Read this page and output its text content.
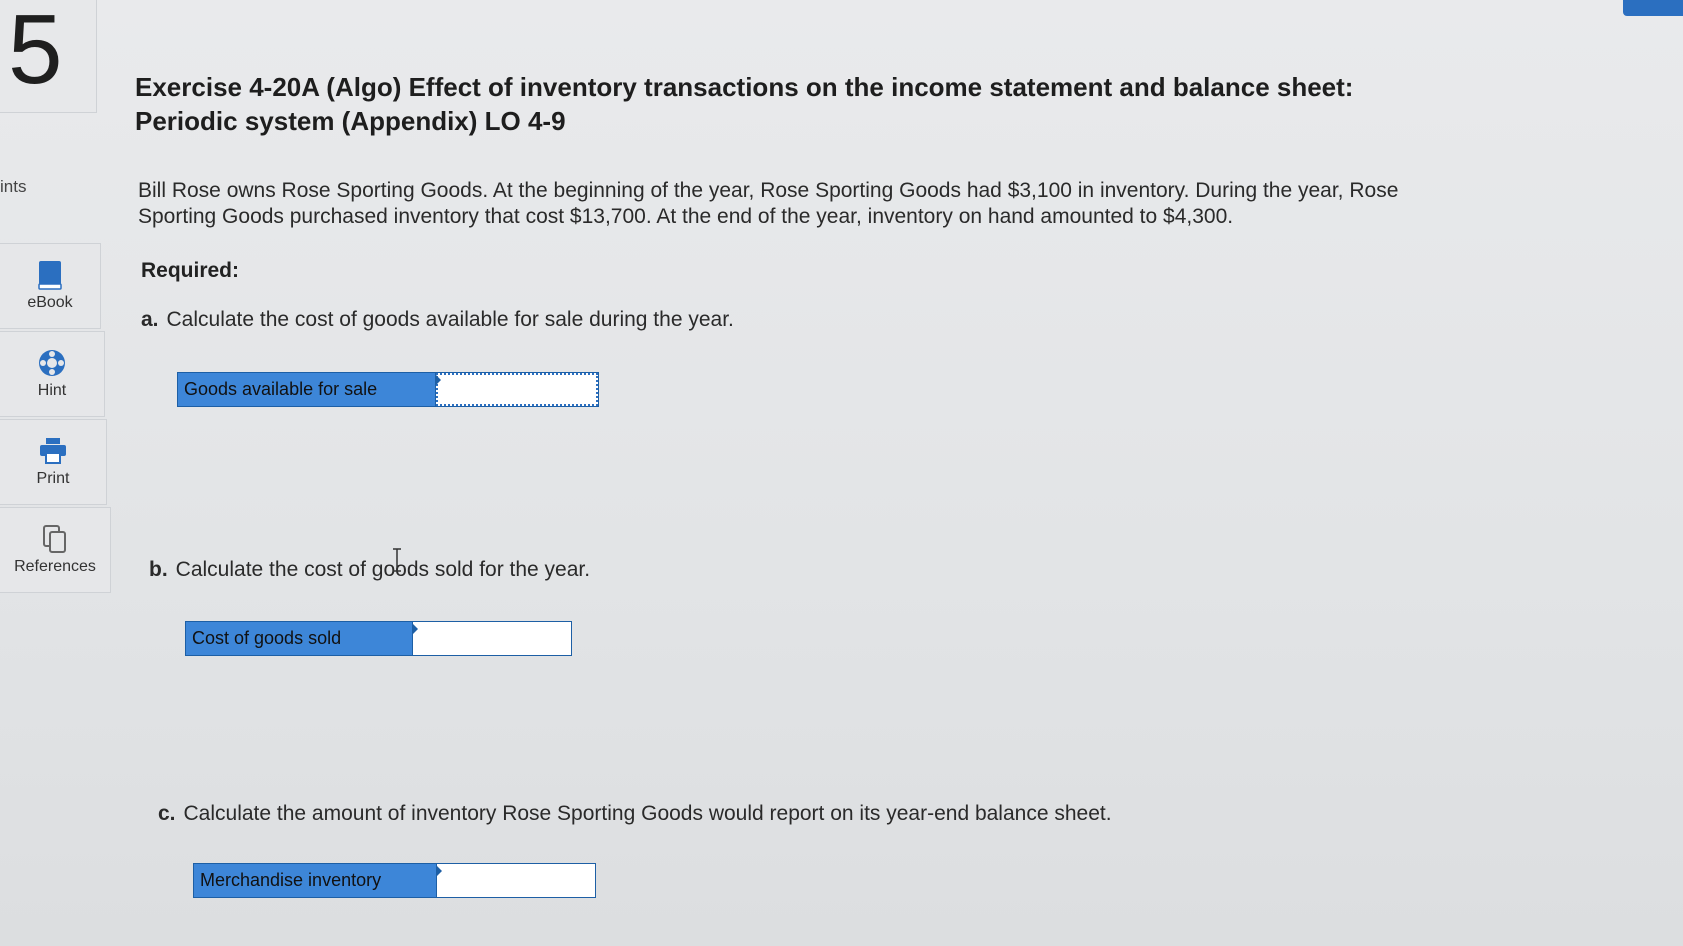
5
ints
eBook
Hint
Print
References
Exercise 4-20A (Algo) Effect of inventory transactions on the income statement and balance sheet: Periodic system (Appendix) LO 4-9
Bill Rose owns Rose Sporting Goods. At the beginning of the year, Rose Sporting Goods had $3,100 in inventory. During the year, Rose Sporting Goods purchased inventory that cost $13,700. At the end of the year, inventory on hand amounted to $4,300.
Required:
a. Calculate the cost of goods available for sale during the year.
Goods available for sale
b. Calculate the cost of goods sold for the year.
Cost of goods sold
c. Calculate the amount of inventory Rose Sporting Goods would report on its year-end balance sheet.
Merchandise inventory
